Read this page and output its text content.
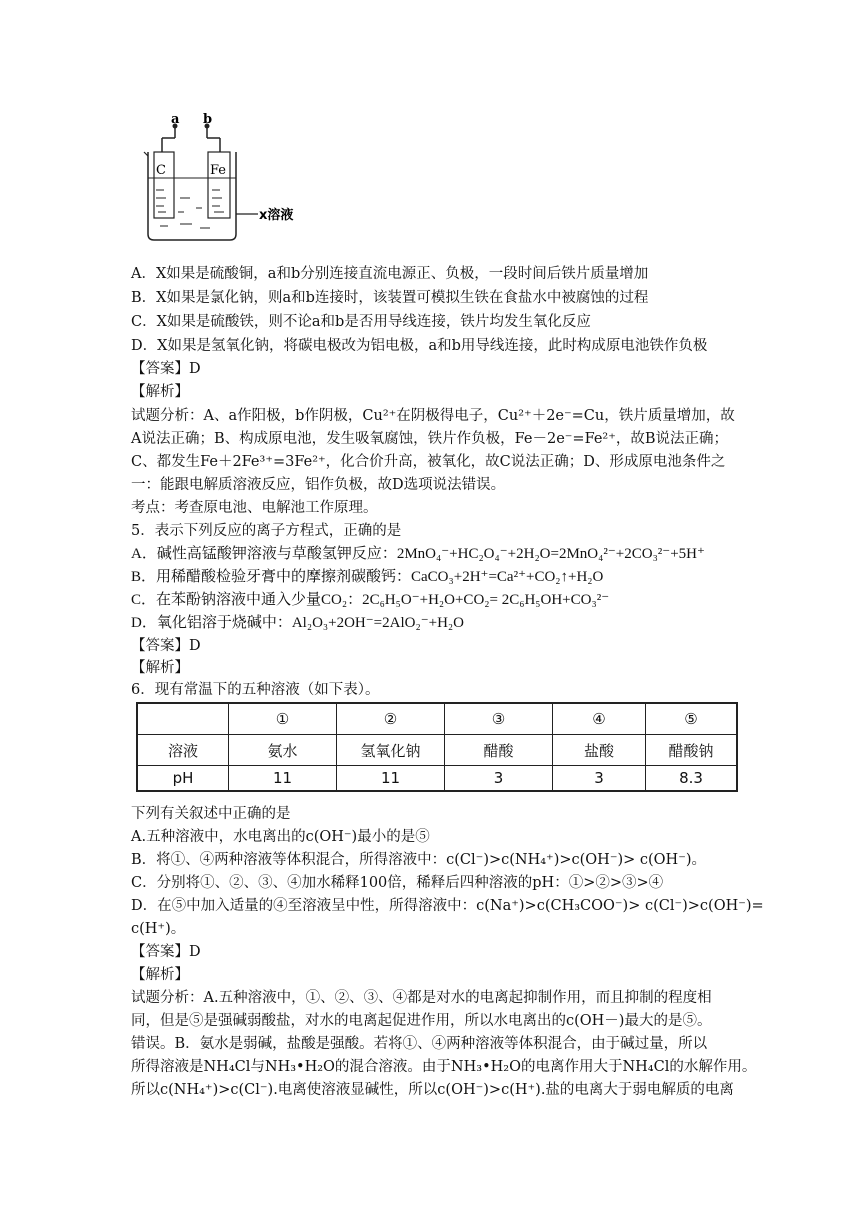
a b
C	Fe
x溶液
A．X如果是硫酸铜，a和b分别连接直流电源正、负极，一段时间后铁片质量增加
B．X如果是氯化钠，则a和b连接时，该装置可模拟生铁在食盐水中被腐蚀的过程
C．X如果是硫酸铁，则不论a和b是否用导线连接，铁片均发生氧化反应
D．X如果是氢氧化钠，将碳电极改为铝电极，a和b用导线连接，此时构成原电池铁作负极
【答案】D
【解析】
试题分析：A、a作阳极，b作阴极，Cu²⁺在阴极得电子，Cu²⁺＋2e⁻=Cu，铁片质量增加，故
A说法正确；B、构成原电池，发生吸氧腐蚀，铁片作负极，Fe－2e⁻=Fe²⁺，故B说法正确；
C、都发生Fe＋2Fe³⁺=3Fe²⁺，化合价升高，被氧化，故C说法正确；D、形成原电池条件之
一：能跟电解质溶液反应，铝作负极，故D选项说法错误。
考点：考查原电池、电解池工作原理。
5．表示下列反应的离子方程式，正确的是
A．碱性高锰酸钾溶液与草酸氢钾反应：2MnO₄⁻+HC₂O₄⁻+2H₂O=2MnO₄²⁻+2CO₃²⁻+5H⁺
B．用稀醋酸检验牙膏中的摩擦剂碳酸钙：CaCO₃+2H⁺=Ca²⁺+CO₂↑+H₂O
C．在苯酚钠溶液中通入少量CO₂：2C₆H₅O⁻+H₂O+CO₂= 2C₆H₅OH+CO₃²⁻
D．氧化铝溶于烧碱中：Al₂O₃+2OH⁻=2AlO₂⁻+H₂O
【答案】D
【解析】
6．现有常温下的五种溶液（如下表）。
	①	②	③	④	⑤
溶液	氨水	氢氧化钠	醋酸	盐酸	醋酸钠
pH	11	11	3	3	8.3
下列有关叙述中正确的是
A.五种溶液中，水电离出的c(OH⁻)最小的是⑤
B．将①、④两种溶液等体积混合，所得溶液中：c(Cl⁻)>c(NH₄⁺)>c(OH⁻)> c(OH⁻)。
C．分别将①、②、③、④加水稀释100倍，稀释后四种溶液的pH：①>②>③>④
D．在⑤中加入适量的④至溶液呈中性，所得溶液中：c(Na⁺)>c(CH₃COO⁻)> c(Cl⁻)>c(OH⁻)=
c(H⁺)。
【答案】D
【解析】
试题分析：A.五种溶液中，①、②、③、④都是对水的电离起抑制作用，而且抑制的程度相
同，但是⑤是强碱弱酸盐，对水的电离起促进作用，所以水电离出的c(OH－)最大的是⑤。
错误。B．氨水是弱碱，盐酸是强酸。若将①、④两种溶液等体积混合，由于碱过量，所以
所得溶液是NH₄Cl与NH₃•H₂O的混合溶液。由于NH₃•H₂O的电离作用大于NH₄Cl的水解作用。
所以c(NH₄⁺)>c(Cl⁻).电离使溶液显碱性，所以c(OH⁻)>c(H⁺).盐的电离大于弱电解质的电离
